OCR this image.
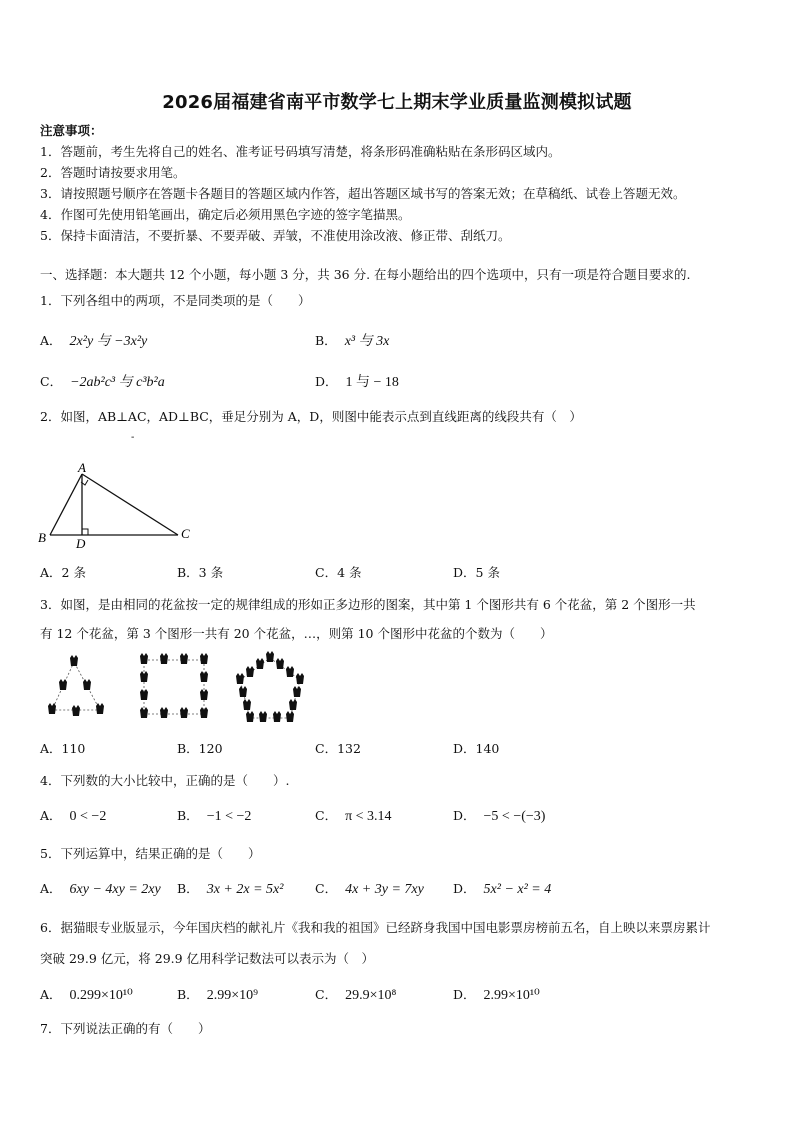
2026届福建省南平市数学七上期末学业质量监测模拟试题
注意事项：
1．答题前，考生先将自己的姓名、准考证号码填写清楚，将条形码准确粘贴在条形码区域内。
2．答题时请按要求用笔。
3．请按照题号顺序在答题卡各题目的答题区域内作答，超出答题区域书写的答案无效；在草稿纸、试卷上答题无效。
4．作图可先使用铅笔画出，确定后必须用黑色字迹的签字笔描黑。
5．保持卡面清洁，不要折暴、不要弄破、弄皱，不准使用涂改液、修正带、刮纸刀。
一、选择题：本大题共 12 个小题，每小题 3 分，共 36 分. 在每小题给出的四个选项中，只有一项是符合题目要求的.
1．下列各组中的两项，不是同类项的是（　　）
A． 2x²y 与 −3x²y	B． x³ 与 3x
C． −2ab²c³ 与 c³b²a	D． 1 与 − 18
2．如图，AB⊥AC，AD⊥BC，垂足分别为 A，D，则图中能表示点到直线距离的线段共有（　）
-
A
B	C
D
A．2 条	B．3 条	C．4 条	D．5 条
3．如图，是由相同的花盆按一定的规律组成的形如正多边形的图案，其中第 1 个图形共有 6 个花盆，第 2 个图形一共
有 12 个花盆，第 3 个图形一共有 20 个花盆，…，则第 10 个图形中花盆的个数为（　　）
A．110	B．120	C．132	D．140
4．下列数的大小比较中，正确的是（　　）.
A． 0 < −2	B． −1 < −2	C． π < 3.14	D． −5 < −(−3)
5．下列运算中，结果正确的是（　　）
A． 6xy − 4xy = 2xy B． 3x + 2x = 5x²	C． 4x + 3y = 7xy D． 5x² − x² = 4
6．据猫眼专业版显示，今年国庆档的献礼片《我和我的祖国》已经跻身我国中国电影票房榜前五名，自上映以来票房累计
突破 29.9 亿元，将 29.9 亿用科学记数法可以表示为（　）
A． 0.299×10¹⁰	B． 2.99×10⁹	C． 29.9×10⁸	D． 2.99×10¹⁰
7．下列说法正确的有（　　）
